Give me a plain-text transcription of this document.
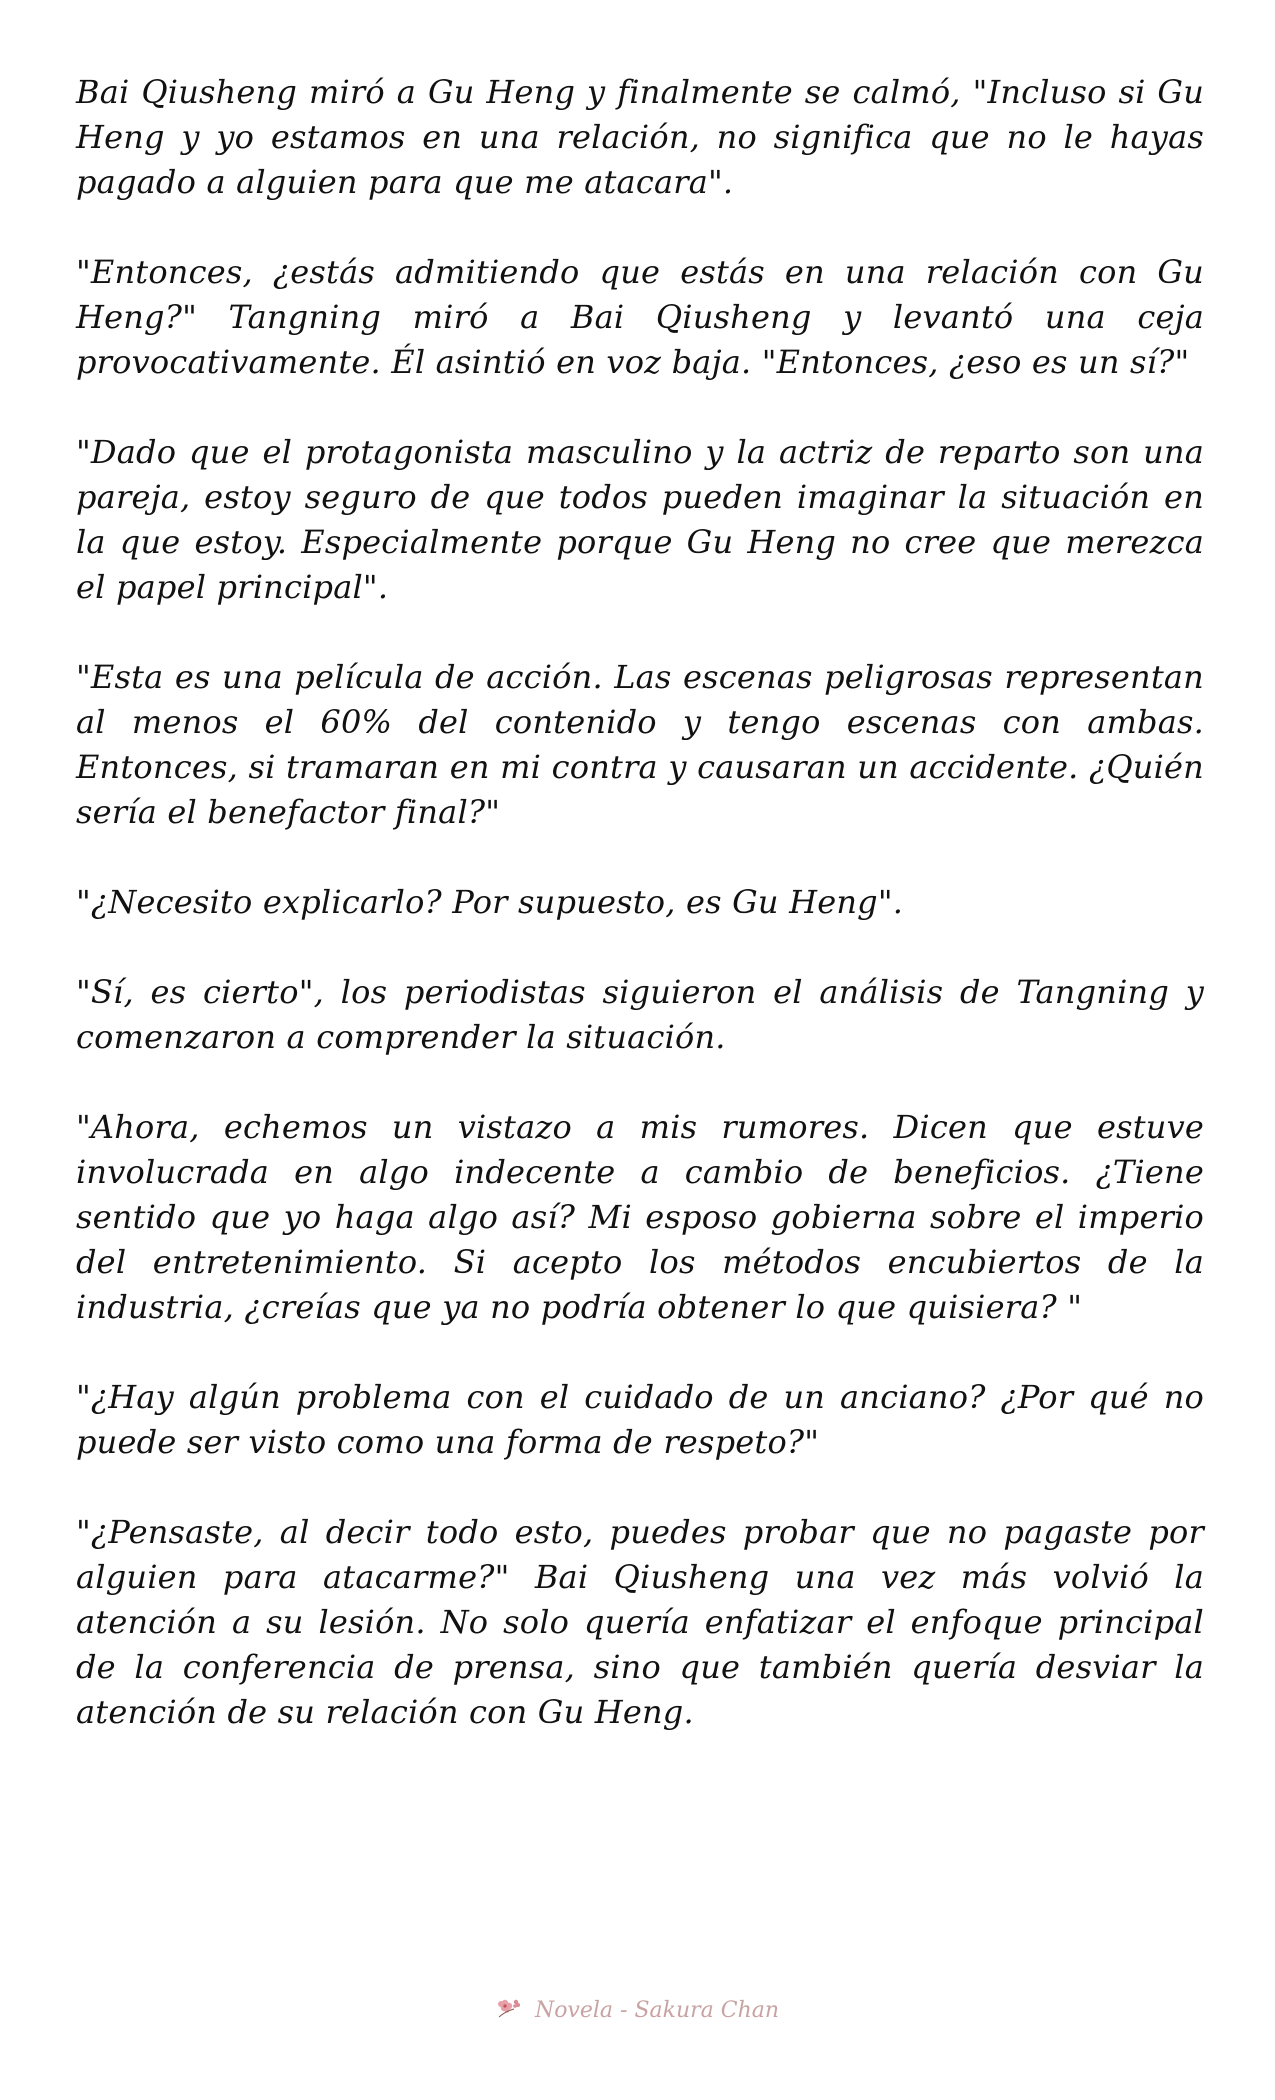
Bai Qiusheng miró a Gu Heng y finalmente se calmó, "Incluso si Gu Heng y yo estamos en una relación, no significa que no le hayas pagado a alguien para que me atacara".

"Entonces, ¿estás admitiendo que estás en una relación con Gu Heng?" Tangning miró a Bai Qiusheng y levantó una ceja provocativamente. Él asintió en voz baja. "Entonces, ¿eso es un sí?"

"Dado que el protagonista masculino y la actriz de reparto son una pareja, estoy seguro de que todos pueden imaginar la situación en la que estoy. Especialmente porque Gu Heng no cree que merezca el papel principal".

"Esta es una película de acción. Las escenas peligrosas representan al menos el 60% del contenido y tengo escenas con ambas. Entonces, si tramaran en mi contra y causaran un accidente. ¿Quién sería el benefactor final?"

"¿Necesito explicarlo? Por supuesto, es Gu Heng".

"Sí, es cierto", los periodistas siguieron el análisis de Tangning y comenzaron a comprender la situación.

"Ahora, echemos un vistazo a mis rumores. Dicen que estuve involucrada en algo indecente a cambio de beneficios. ¿Tiene sentido que yo haga algo así? Mi esposo gobierna sobre el imperio del entretenimiento. Si acepto los métodos encubiertos de la industria, ¿creías que ya no podría obtener lo que quisiera? "

"¿Hay algún problema con el cuidado de un anciano? ¿Por qué no puede ser visto como una forma de respeto?"

"¿Pensaste, al decir todo esto, puedes probar que no pagaste por alguien para atacarme?" Bai Qiusheng una vez más volvió la atención a su lesión. No solo quería enfatizar el enfoque principal de la conferencia de prensa, sino que también quería desviar la atención de su relación con Gu Heng.

Novela - Sakura Chan
